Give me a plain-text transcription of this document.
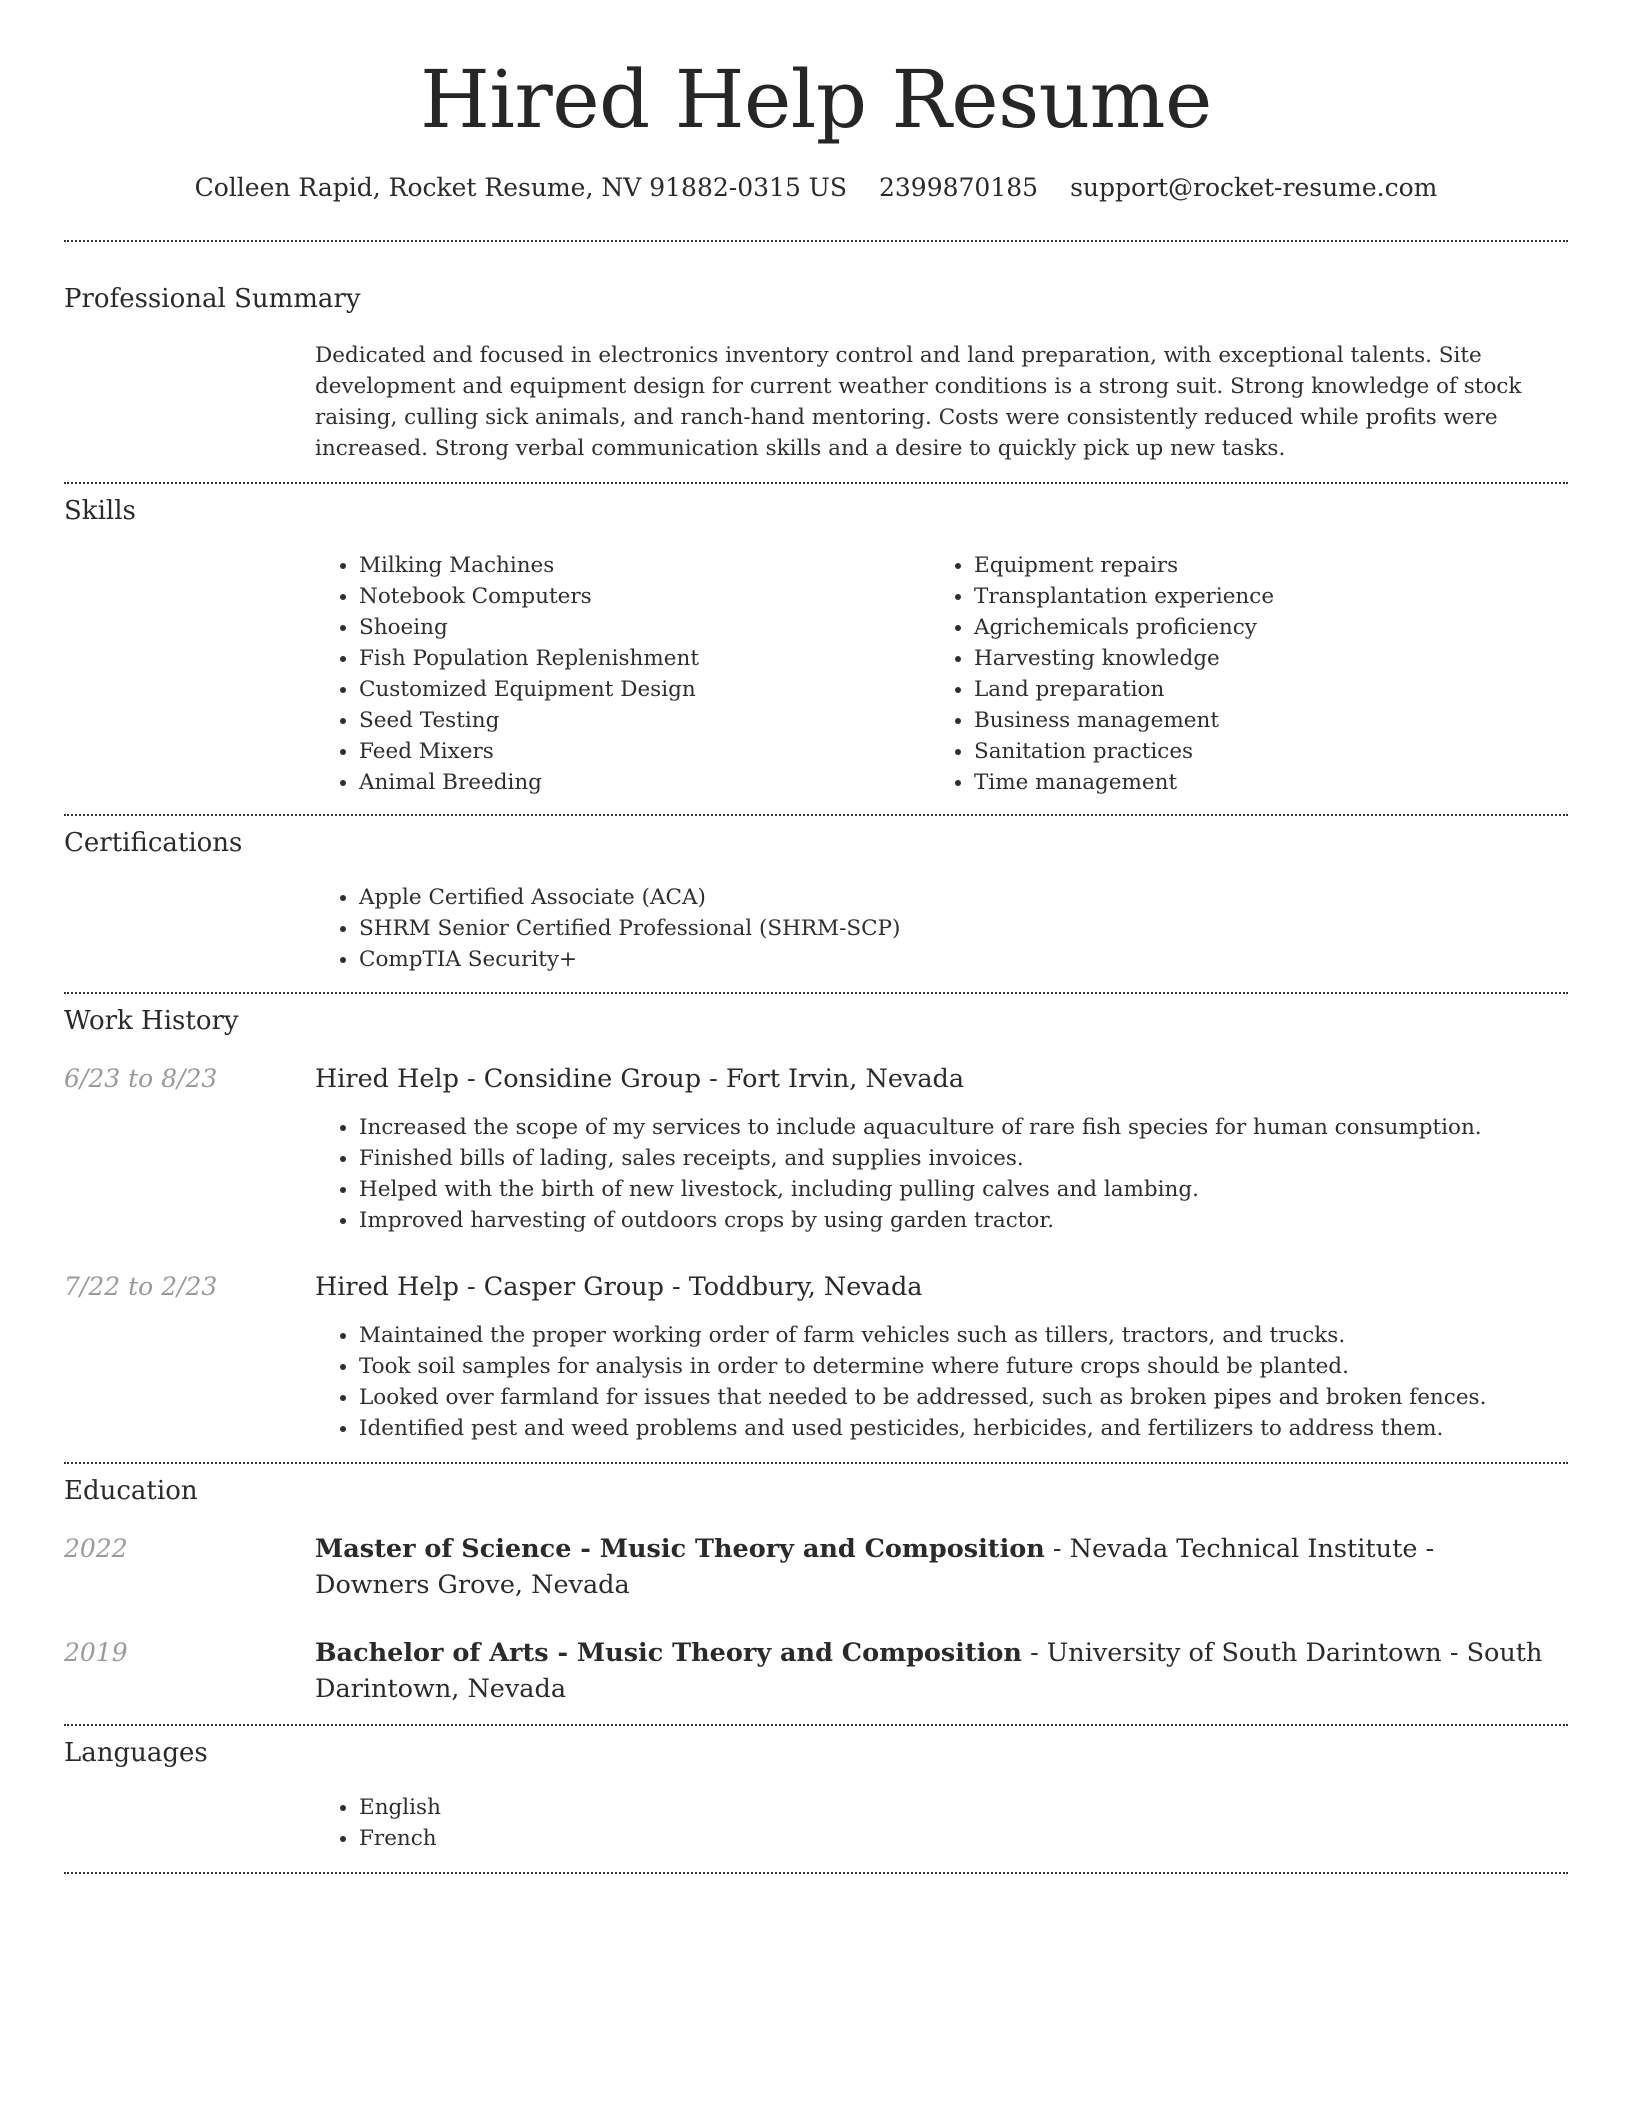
Hired Help Resume
Colleen Rapid, Rocket Resume, NV 91882-0315 US 2399870185 support@rocket-resume.com
Professional Summary

Dedicated and focused in electronics inventory control and land preparation, with exceptional talents. Site development and equipment design for current weather conditions is a strong suit. Strong knowledge of stock raising, culling sick animals, and ranch-hand mentoring. Costs were consistently reduced while profits were increased. Strong verbal communication skills and a desire to quickly pick up new tasks.

Skills
• Milking Machines
• Notebook Computers
• Shoeing
• Fish Population Replenishment
• Customized Equipment Design
• Seed Testing
• Feed Mixers
• Animal Breeding
• Equipment repairs
• Transplantation experience
• Agrichemicals proficiency
• Harvesting knowledge
• Land preparation
• Business management
• Sanitation practices
• Time management
Certifications
• Apple Certified Associate (ACA)
• SHRM Senior Certified Professional (SHRM-SCP)
• CompTIA Security+
Work History
6/23 to 8/23	Hired Help - Considine Group - Fort Irvin, Nevada
• Increased the scope of my services to include aquaculture of rare fish species for human consumption.
• Finished bills of lading, sales receipts, and supplies invoices.
• Helped with the birth of new livestock, including pulling calves and lambing.
• Improved harvesting of outdoors crops by using garden tractor.
7/22 to 2/23	Hired Help - Casper Group - Toddbury, Nevada
• Maintained the proper working order of farm vehicles such as tillers, tractors, and trucks.
• Took soil samples for analysis in order to determine where future crops should be planted.
• Looked over farmland for issues that needed to be addressed, such as broken pipes and broken fences.
• Identified pest and weed problems and used pesticides, herbicides, and fertilizers to address them.
Education
2022	Master of Science - Music Theory and Composition - Nevada Technical Institute - Downers Grove, Nevada
2019	Bachelor of Arts - Music Theory and Composition - University of South Darintown - South Darintown, Nevada
Languages
• English
• French
